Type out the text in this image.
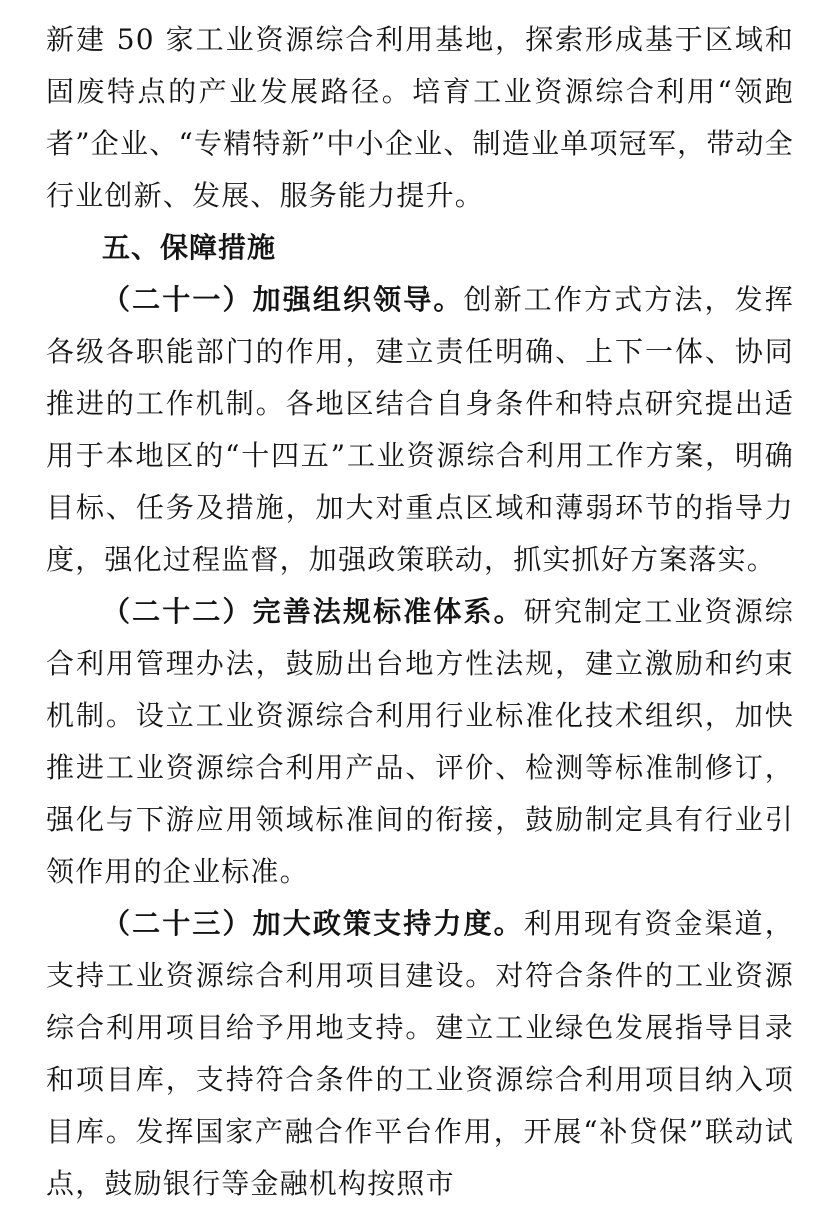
新建 50 家工业资源综合利用基地，探索形成基于区域和固废特点的产业发展路径。培育工业资源综合利用“领跑者”企业、“专精特新”中小企业、制造业单项冠军，带动全行业创新、发展、服务能力提升。

五、保障措施

（二十一）加强组织领导。创新工作方式方法，发挥各级各职能部门的作用，建立责任明确、上下一体、协同推进的工作机制。各地区结合自身条件和特点研究提出适用于本地区的“十四五”工业资源综合利用工作方案，明确目标、任务及措施，加大对重点区域和薄弱环节的指导力度，强化过程监督，加强政策联动，抓实抓好方案落实。

（二十二）完善法规标准体系。研究制定工业资源综合利用管理办法，鼓励出台地方性法规，建立激励和约束机制。设立工业资源综合利用行业标准化技术组织，加快推进工业资源综合利用产品、评价、检测等标准制修订，强化与下游应用领域标准间的衔接，鼓励制定具有行业引领作用的企业标准。

（二十三）加大政策支持力度。利用现有资金渠道，支持工业资源综合利用项目建设。对符合条件的工业资源综合利用项目给予用地支持。建立工业绿色发展指导目录和项目库，支持符合条件的工业资源综合利用项目纳入项目库。发挥国家产融合作平台作用，开展“补贷保”联动试点，鼓励银行等金融机构按照市
